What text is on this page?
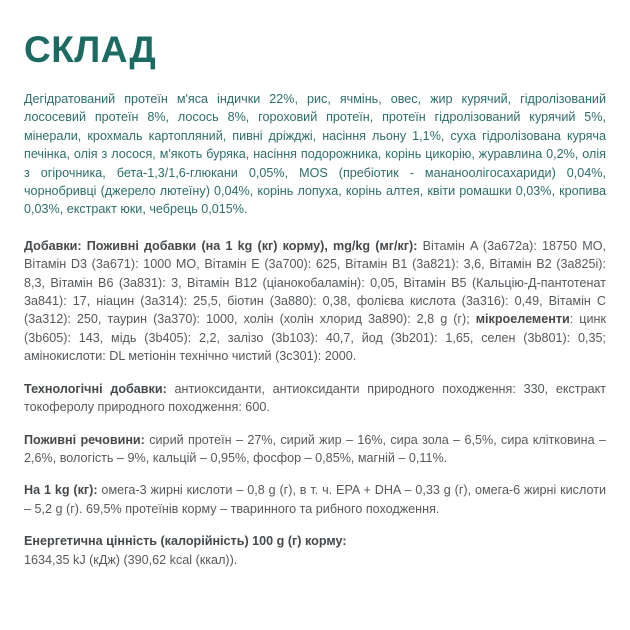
СКЛАД

Дегідратований протеїн м'яса індички 22%, рис, ячмінь, овес, жир курячий, гідролізований лососевий протеїн 8%, лосось 8%, гороховий протеїн, протеїн гідролізований курячий 5%, мінерали, крохмаль картопляний, пивні дріжджі, насіння льону 1,1%, суха гідролізована куряча печінка, олія з лосося, м'якоть буряка, насіння подорожника, корінь цикорію, журавлина 0,2%, олія з огірочника, бета-1,3/1,6-глюкани 0,05%, MOS (пребіотик - мананоолігосахариди) 0,04%, чорнобривці (джерело лютеїну) 0,04%, корінь лопуха, корінь алтея, квіти ромашки 0,03%, кропива 0,03%, екстракт юки, чебрець 0,015%.

Добавки: Поживні добавки (на 1 kg (кг) корму), mg/kg (мг/кг): Вітамін A (3a672a): 18750 MO, Вітамін D3 (3a671): 1000 MO, Вітамін E (3a700): 625, Вітамін B1 (3a821): 3,6, Вітамін B2 (3a825i): 8,3, Вітамін B6 (3a831): 3, Вітамін B12 (ціанокобаламін): 0,05, Вітамін B5 (Кальцію-Д-пантотенат 3a841): 17, ніацин (3a314): 25,5, біотин (3a880): 0,38, фолієва кислота (3a316): 0,49, Вітамін C (3a312): 250, таурин (3a370): 1000, холін (холін хлорид 3a890): 2,8 g (г); мікроелементи: цинк (3b605): 143, мідь (3b405): 2,2, залізо (3b103): 40,7, йод (3b201): 1,65, селен (3b801): 0,35; амінокислоти: DL метіонін технічно чистий (3c301): 2000.

Технологічні добавки: антиоксиданти, антиоксиданти природного походження: 330, екстракт токоферолу природного походження: 600.

Поживні речовини: сирий протеїн – 27%, сирий жир – 16%, сира зола – 6,5%, сира клітковина – 2,6%, вологість – 9%, кальцій – 0,95%, фосфор – 0,85%, магній – 0,11%.

На 1 kg (кг): омега-3 жирні кислоти – 0,8 g (г), в т. ч. EPA + DHA – 0,33 g (г), омега-6 жирні кислоти – 5,2 g (г). 69,5% протеїнів корму – тваринного та рибного походження.

Енергетична цінність (калорійність) 100 g (г) корму:
1634,35 kJ (кДж) (390,62 kcal (ккал)).
